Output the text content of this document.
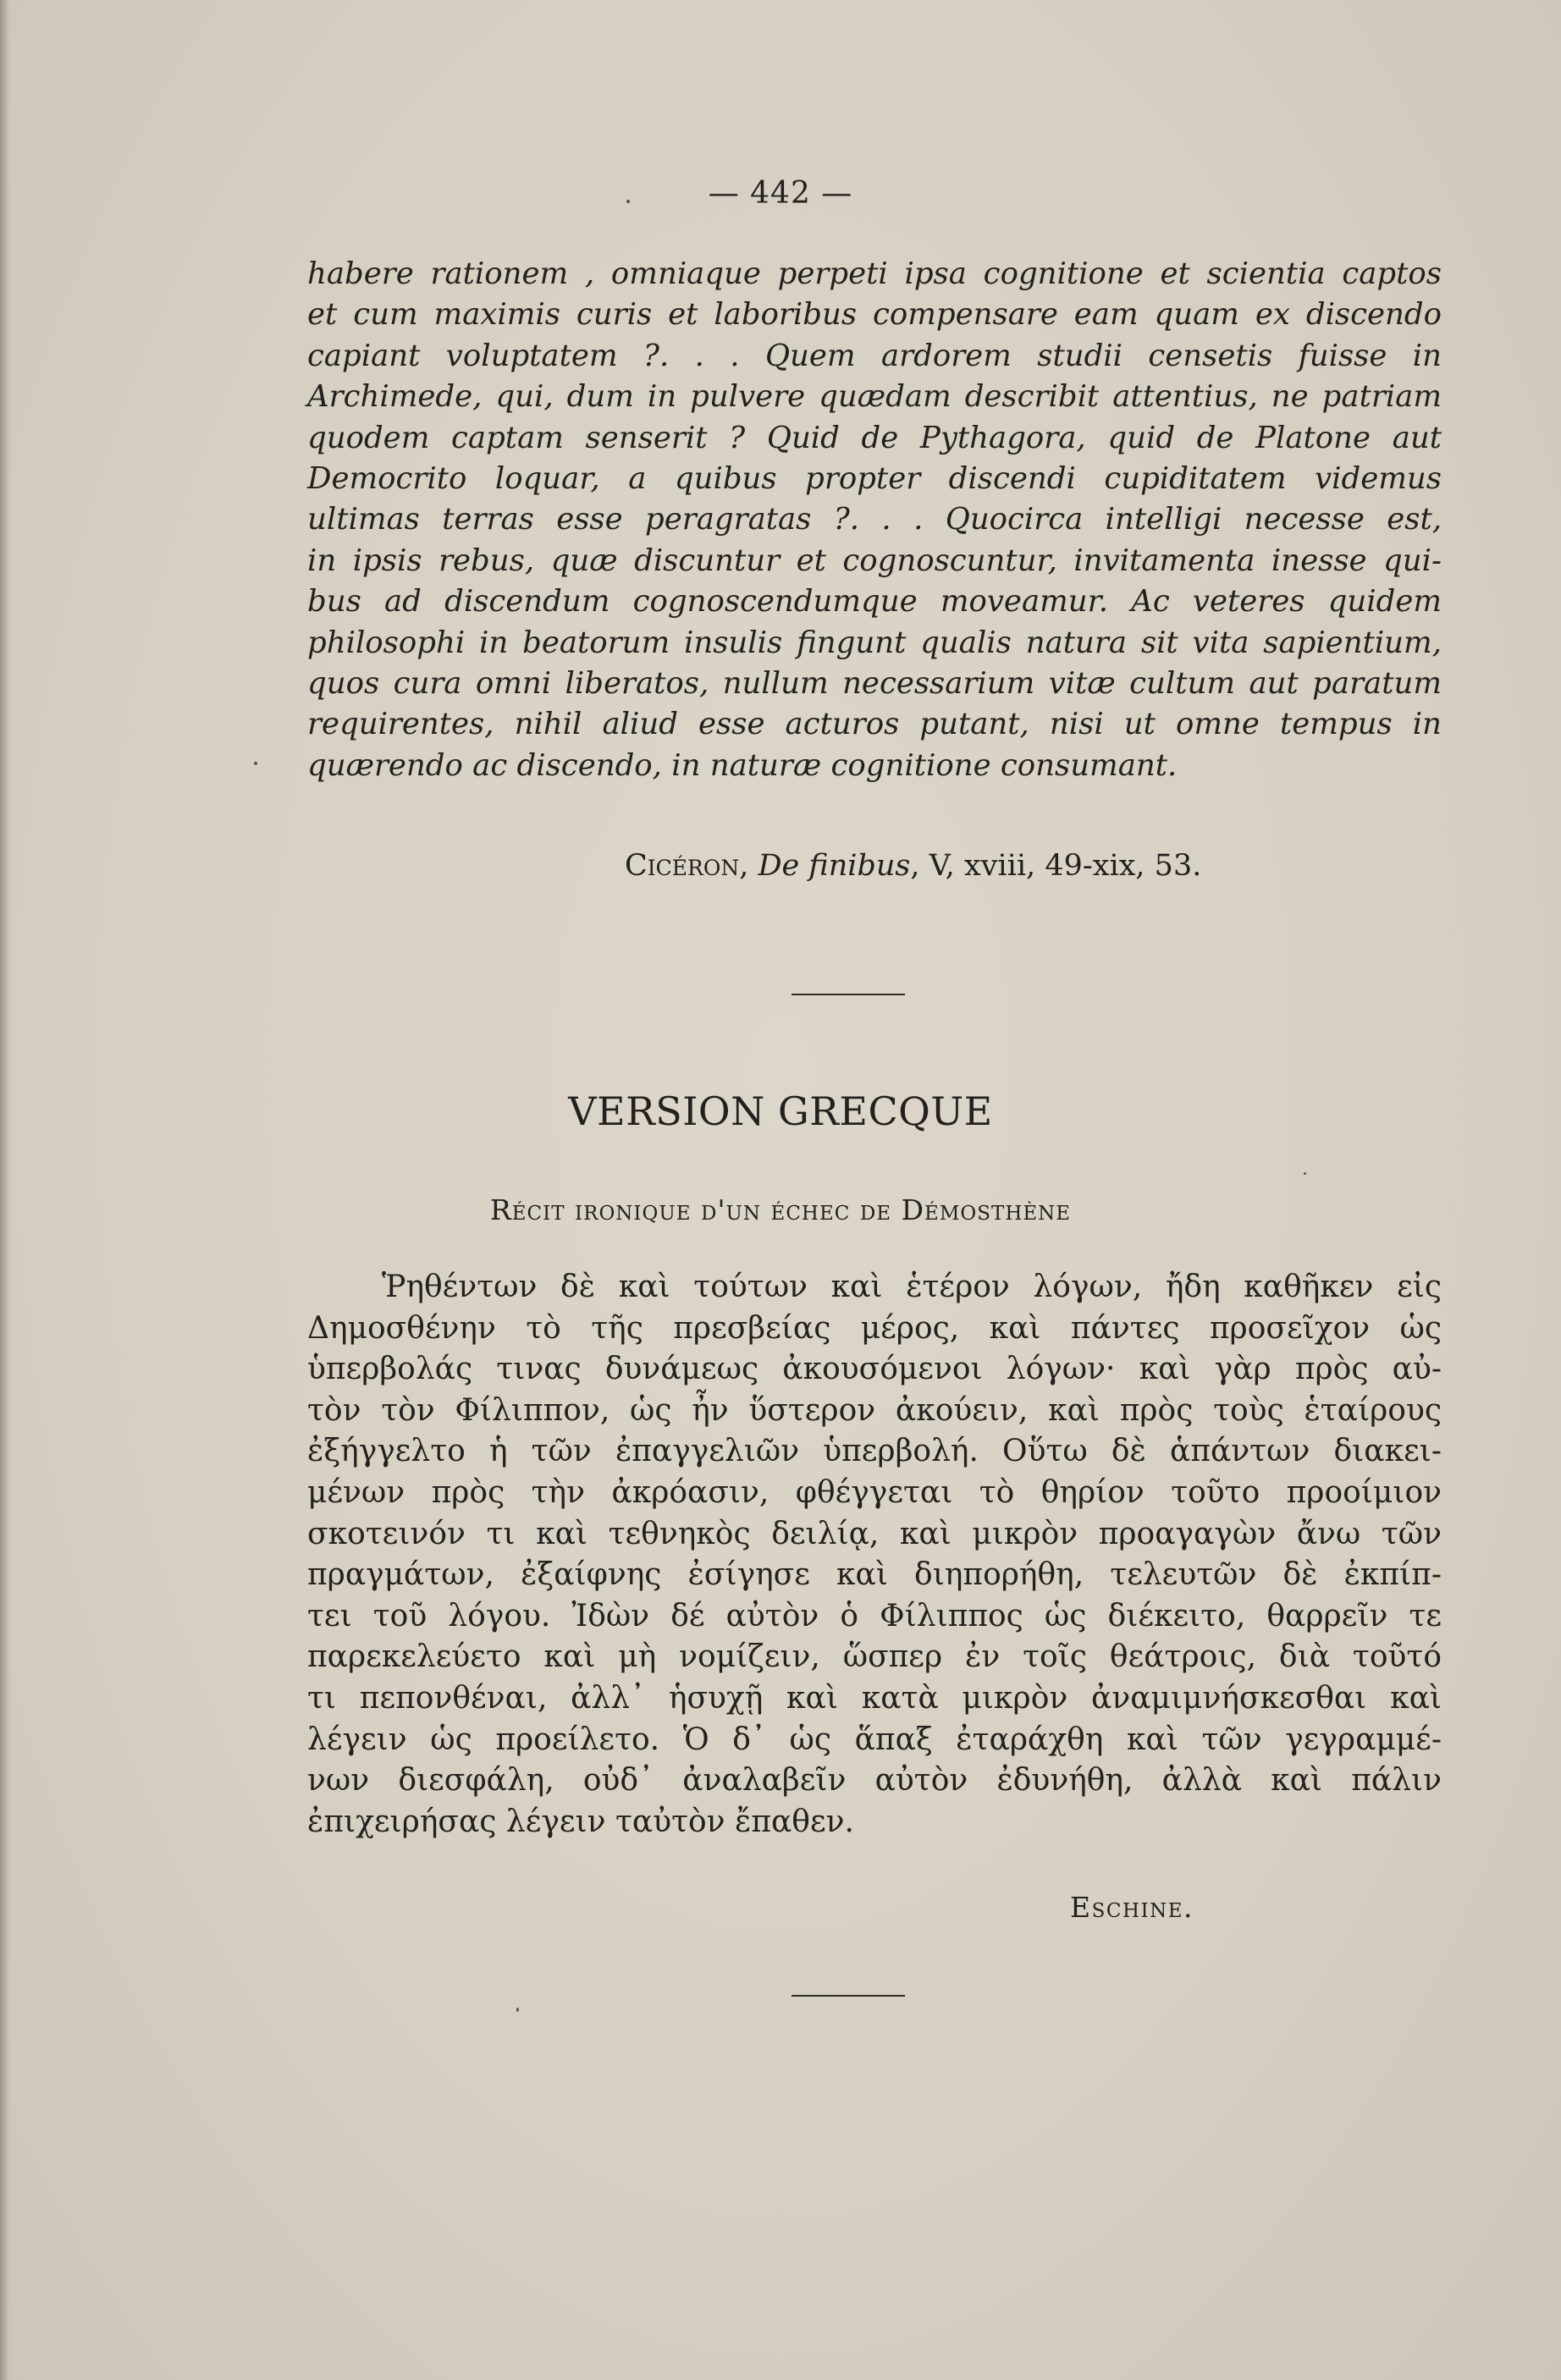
— 442 —

habere rationem , omniaque perpeti ipsa cognitione et scientia captos
et cum maximis curis et laboribus compensare eam quam ex discendo
capiant voluptatem ?. . . Quem ardorem studii censetis fuisse in
Archimede, qui, dum in pulvere quædam describit attentius, ne patriam
quodem captam senserit ? Quid de Pythagora, quid de Platone aut
Democrito loquar, a quibus propter discendi cupiditatem videmus
ultimas terras esse peragratas ?. . . Quocirca intelligi necesse est,
in ipsis rebus, quæ discuntur et cognoscuntur, invitamenta inesse qui-
bus ad discendum cognoscendumque moveamur. Ac veteres quidem
philosophi in beatorum insulis fingunt qualis natura sit vita sapientium,
quos cura omni liberatos, nullum necessarium vitæ cultum aut paratum
requirentes, nihil aliud esse acturos putant, nisi ut omne tempus in
quærendo ac discendo, in naturæ cognitione consumant.

Cicéron, De finibus, V, xviii, 49-xix, 53.
VERSION GRECQUE
Récit ironique d'un échec de Démosthène

Ῥηθέντων δὲ καὶ τούτων καὶ ἑτέρον λόγων, ἤδη καθῆκεν εἰς
Δημοσθένην τὸ τῆς πρεσβείας μέρος, καὶ πάντες προσεῖχον ὡς
ὑπερβολάς τινας δυνάμεως ἀκουσόμενοι λόγων· καὶ γὰρ πρὸς αὐ-
τὸν τὸν Φίλιππον, ὡς ἦν ὕστερον ἀκούειν, καὶ πρὸς τοὺς ἑταίρους
ἐξήγγελτο ἡ τῶν ἐπαγγελιῶν ὑπερβολή. Οὕτω δὲ ἁπάντων διακει-
μένων πρὸς τὴν ἀκρόασιν, φθέγγεται τὸ θηρίον τοῦτο προοίμιον
σκοτεινόν τι καὶ τεθνηκὸς δειλίᾳ, καὶ μικρὸν προαγαγὼν ἄνω τῶν
πραγμάτων, ἐξαίφνης ἐσίγησε καὶ διηπορήθη, τελευτῶν δὲ ἐκπίπ-
τει τοῦ λόγου. Ἰδὼν δέ αὐτὸν ὁ Φίλιππος ὡς διέκειτο, θαρρεῖν τε
παρεκελεύετο καὶ μὴ νομίζειν, ὥσπερ ἐν τοῖς θεάτροις, διὰ τοῦτό
τι πεπονθέναι, ἀλλ᾽ ἡσυχῇ καὶ κατὰ μικρὸν ἀναμιμνήσκεσθαι καὶ
λέγειν ὡς προείλετο. Ὁ δ᾽ ὡς ἅπαξ ἐταράχθη καὶ τῶν γεγραμμέ-
νων διεσφάλη, οὐδ᾽ ἀναλαβεῖν αὐτὸν ἐδυνήθη, ἀλλὰ καὶ πάλιν
ἐπιχειρήσας λέγειν ταὐτὸν ἔπαθεν.

Eschine.
